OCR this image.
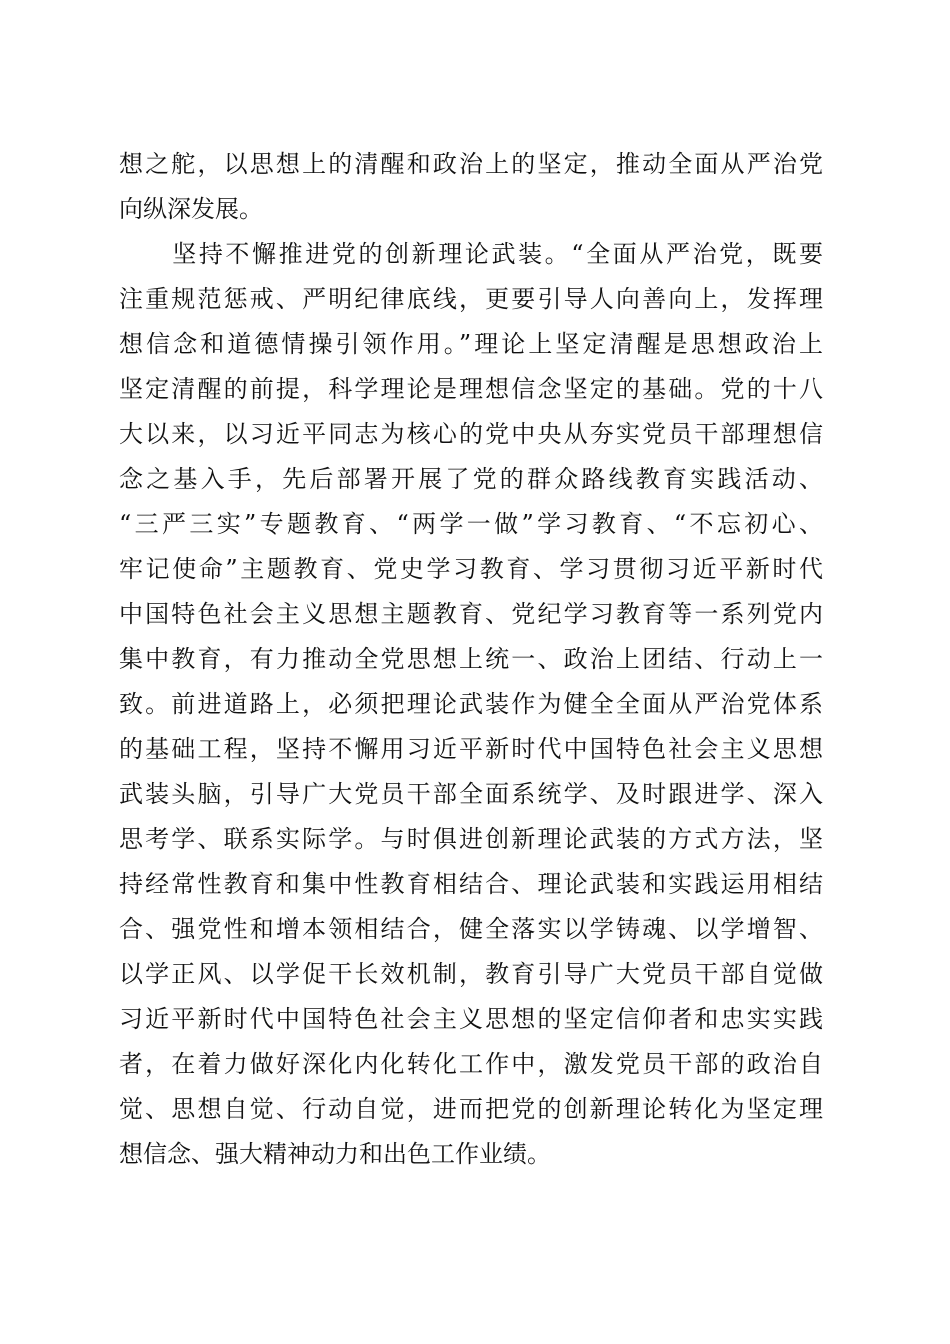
想之舵，以思想上的清醒和政治上的坚定，推动全面从严治党
向纵深发展。
　　坚持不懈推进党的创新理论武装。“全面从严治党，既要
注重规范惩戒、严明纪律底线，更要引导人向善向上，发挥理
想信念和道德情操引领作用。”理论上坚定清醒是思想政治上
坚定清醒的前提，科学理论是理想信念坚定的基础。党的十八
大以来，以习近平同志为核心的党中央从夯实党员干部理想信
念之基入手，先后部署开展了党的群众路线教育实践活动、
“三严三实”专题教育、“两学一做”学习教育、“不忘初心、
牢记使命”主题教育、党史学习教育、学习贯彻习近平新时代
中国特色社会主义思想主题教育、党纪学习教育等一系列党内
集中教育，有力推动全党思想上统一、政治上团结、行动上一
致。前进道路上，必须把理论武装作为健全全面从严治党体系
的基础工程，坚持不懈用习近平新时代中国特色社会主义思想
武装头脑，引导广大党员干部全面系统学、及时跟进学、深入
思考学、联系实际学。与时俱进创新理论武装的方式方法，坚
持经常性教育和集中性教育相结合、理论武装和实践运用相结
合、强党性和增本领相结合，健全落实以学铸魂、以学增智、
以学正风、以学促干长效机制，教育引导广大党员干部自觉做
习近平新时代中国特色社会主义思想的坚定信仰者和忠实实践
者，在着力做好深化内化转化工作中，激发党员干部的政治自
觉、思想自觉、行动自觉，进而把党的创新理论转化为坚定理
想信念、强大精神动力和出色工作业绩。
